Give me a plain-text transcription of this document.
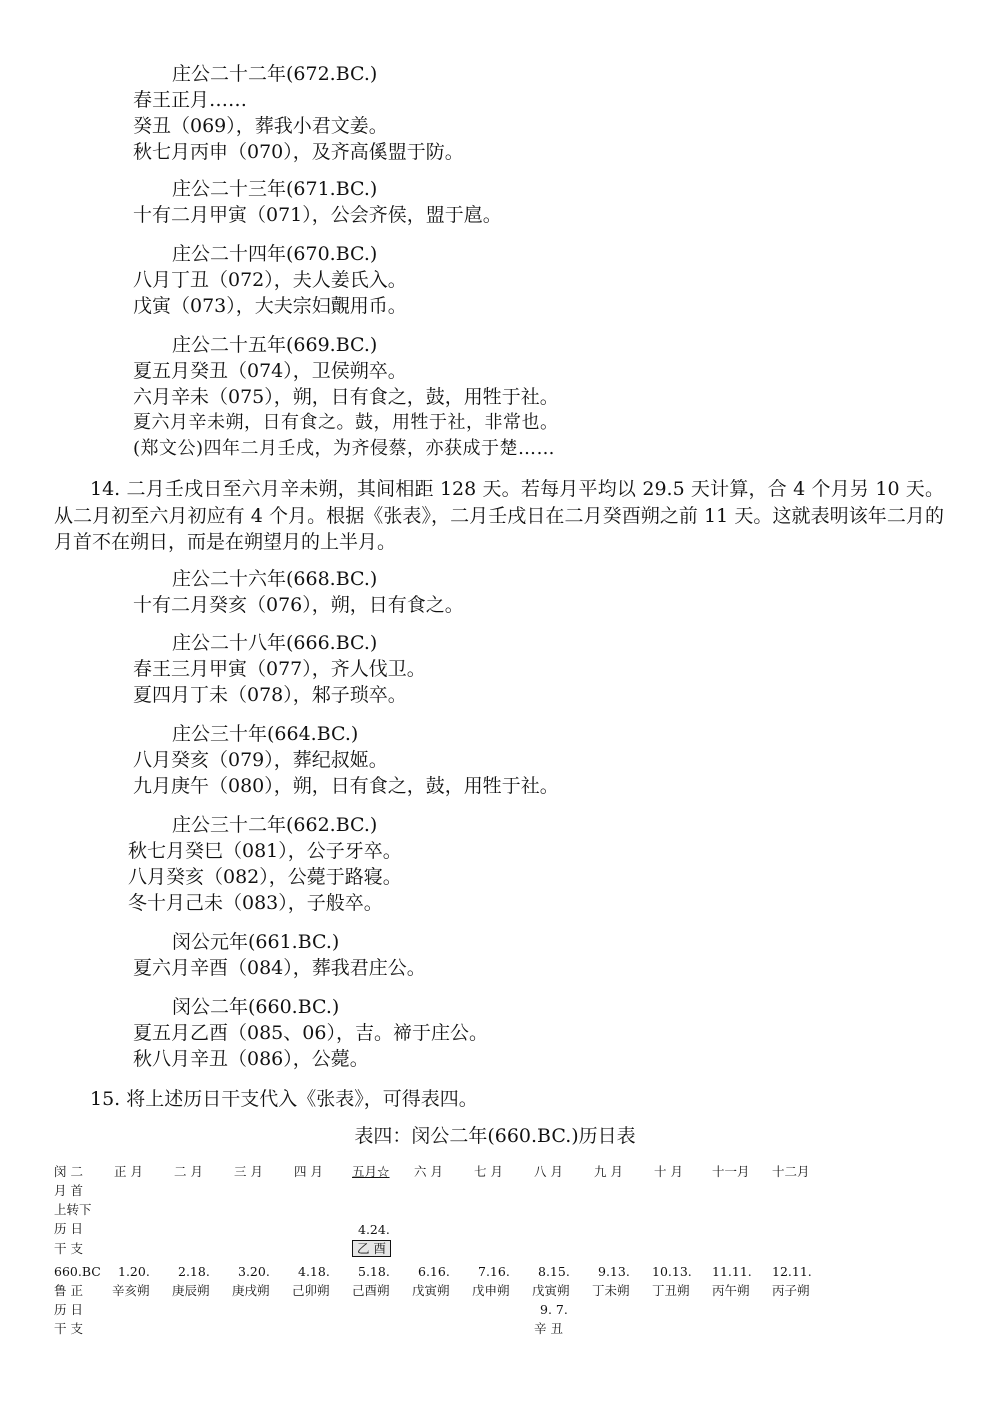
庄公二十二年(672.BC.)
春王正月……
癸丑（069），葬我小君文姜。
秋七月丙申（070），及齐高傒盟于防。
庄公二十三年(671.BC.)
十有二月甲寅（071），公会齐侯，盟于扈。
庄公二十四年(670.BC.)
八月丁丑（072），夫人姜氏入。
戊寅（073），大夫宗妇覿用币。
庄公二十五年(669.BC.)
夏五月癸丑（074），卫侯朔卒。
六月辛未（075），朔，日有食之，鼓，用牲于社。
夏六月辛未朔，日有食之。鼓，用牲于社，非常也。
(郑文公)四年二月壬戌，为齐侵蔡，亦获成于楚……
14. 二月壬戌日至六月辛未朔，其间相距 128 天。若每月平均以 29.5 天计算，合 4 个月另 10 天。从二月初至六月初应有 4 个月。根据《张表》，二月壬戌日在二月癸酉朔之前 11 天。这就表明该年二月的月首不在朔日，而是在朔望月的上半月。
庄公二十六年(668.BC.)
十有二月癸亥（076），朔，日有食之。
庄公二十八年(666.BC.)
春王三月甲寅（077），齐人伐卫。
夏四月丁未（078），邾子琐卒。
庄公三十年(664.BC.)
八月癸亥（079），葬纪叔姬。
九月庚午（080），朔，日有食之，鼓，用牲于社。
庄公三十二年(662.BC.)
秋七月癸巳（081），公子牙卒。
八月癸亥（082），公薨于路寝。
冬十月己未（083），子般卒。
闵公元年(661.BC.)
夏六月辛酉（084），葬我君庄公。
闵公二年(660.BC.)
夏五月乙酉（085、06），吉。禘于庄公。
秋八月辛丑（086），公薨。
15. 将上述历日干支代入《张表》，可得表四。
表四：闵公二年(660.BC.)历日表
闵 二
月 首
上转下
历 日
干 支
正 月 二 月 三 月 四 月 五月☆ 六 月 七 月 八 月 九 月 十 月 十一月 十二月
4.24.
乙 酉
660.BC
鲁 正
历 日
干 支
1.20. 2.18. 3.20. 4.18. 5.18. 6.16. 7.16. 8.15. 9.13. 10.13. 11.11. 12.11.
辛亥朔 庚辰朔 庚戌朔 己卯朔 己酉朔 戊寅朔 戊申朔 戊寅朔 丁未朔 丁丑朔 丙午朔 丙子朔
9. 7.
辛 丑
